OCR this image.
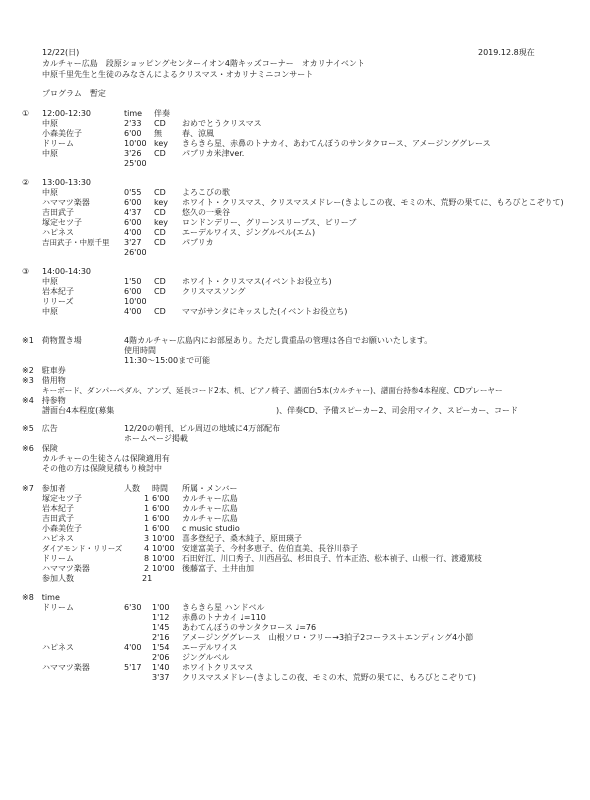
12/22(日)	2019.12.8現在
カルチャー広島　段原ショッピングセンターイオン4階キッズコーナー　オカリナイベント
中原千里先生と生徒のみなさんによるクリスマス・オカリナミニコンサート
プログラム　暫定
① 12:00-12:30	time 伴奏
中原	2'33 CD おめでとうクリスマス
小森美佐子	6'00 無	春、涼風
ドリーム	10'00 key きらきら星、赤鼻のトナカイ、あわてんぼうのサンタクロース、アメージンググレース
中原	3'26 CD パプリカ米津ver.
25'00
② 13:00-13:30
中原	0'55 CD よろこびの歌
ハママツ楽器	6'00 key ホワイト・クリスマス、クリスマスメドレー(きよしこの夜、モミの木、荒野の果てに、もろびとこぞりて)
吉田武子	4'37 CD 悠久の一乗谷
塚定セツ子	6'00 key ロンドンデリー、グリーンスリーブス、ビリーブ
ハピネス	4'00 CD エーデルワイス、ジングルベル(エム)
吉田武子・中原千里 3'27 CD パプリカ
26'00
③ 14:00-14:30
中原	1'50 CD ホワイト・クリスマス(イベントお役立ち)
岩本紀子	6'00 CD クリスマスソング
リリーズ	10'00
中原	4'00 CD ママがサンタにキッスした(イベントお役立ち)
※1　荷物置き場	4階カルチャー広島内にお部屋あり。ただし貴重品の管理は各自でお願いいたします。
使用時間
11:30～15:00まで可能
※2　駐車券
※3　借用物
キーボード、ダンパーペダル、アンプ、延長コード2本、机、ピアノ椅子、譜面台5本(カルチャー)、譜面台持参4本程度、CDプレーヤー
※4　持参物
譜面台4本程度(募集	)、伴奏CD、予備スピーカー2、司会用マイク、スピーカー、コード
※5　広告	12/20の朝刊、ビル周辺の地域に4万部配布
ホームページ掲載
※6　保険
カルチャーの生徒さんは保険適用有
その他の方は保険見積もり検討中
※7　参加者	人数 時間 所属・メンバー
塚定セツ子	1 6'00 カルチャー広島
岩本紀子	1 6'00 カルチャー広島
吉田武子	1 6'00 カルチャー広島
小森美佐子	1 6'00 c music studio
ハピネス	3 10'00 喜多登紀子、桑木純子、原田瑛子
ダイアモンド・リリーズ	4 10'00 安達富美子、今村多恵子、佐伯直美、長谷川恭子
ドリーム	8 10'00 石田好江、川口秀子、川西昌弘、杉田良子、竹本正浩、松本禎子、山根一行、渡邉篤枝
ハママツ楽器	2 10'00 後藤富子、土井由加
参加人数	21
※8　time
ドリーム	6'30 1'00 きらきら星 ハンドベル
1'12 赤鼻のトナカイ ♩=110
1'45 あわてんぼうのサンタクロース ♩=76
2'16 アメージンググレース　山根ソロ・フリー→3拍子2コーラス＋エンディング4小節
ハピネス	4'00 1'54 エーデルワイス
2'06 ジングルベル
ハママツ楽器	5'17 1'40 ホワイトクリスマス
3'37 クリスマスメドレー(きよしこの夜、モミの木、荒野の果てに、もろびとこぞりて)
